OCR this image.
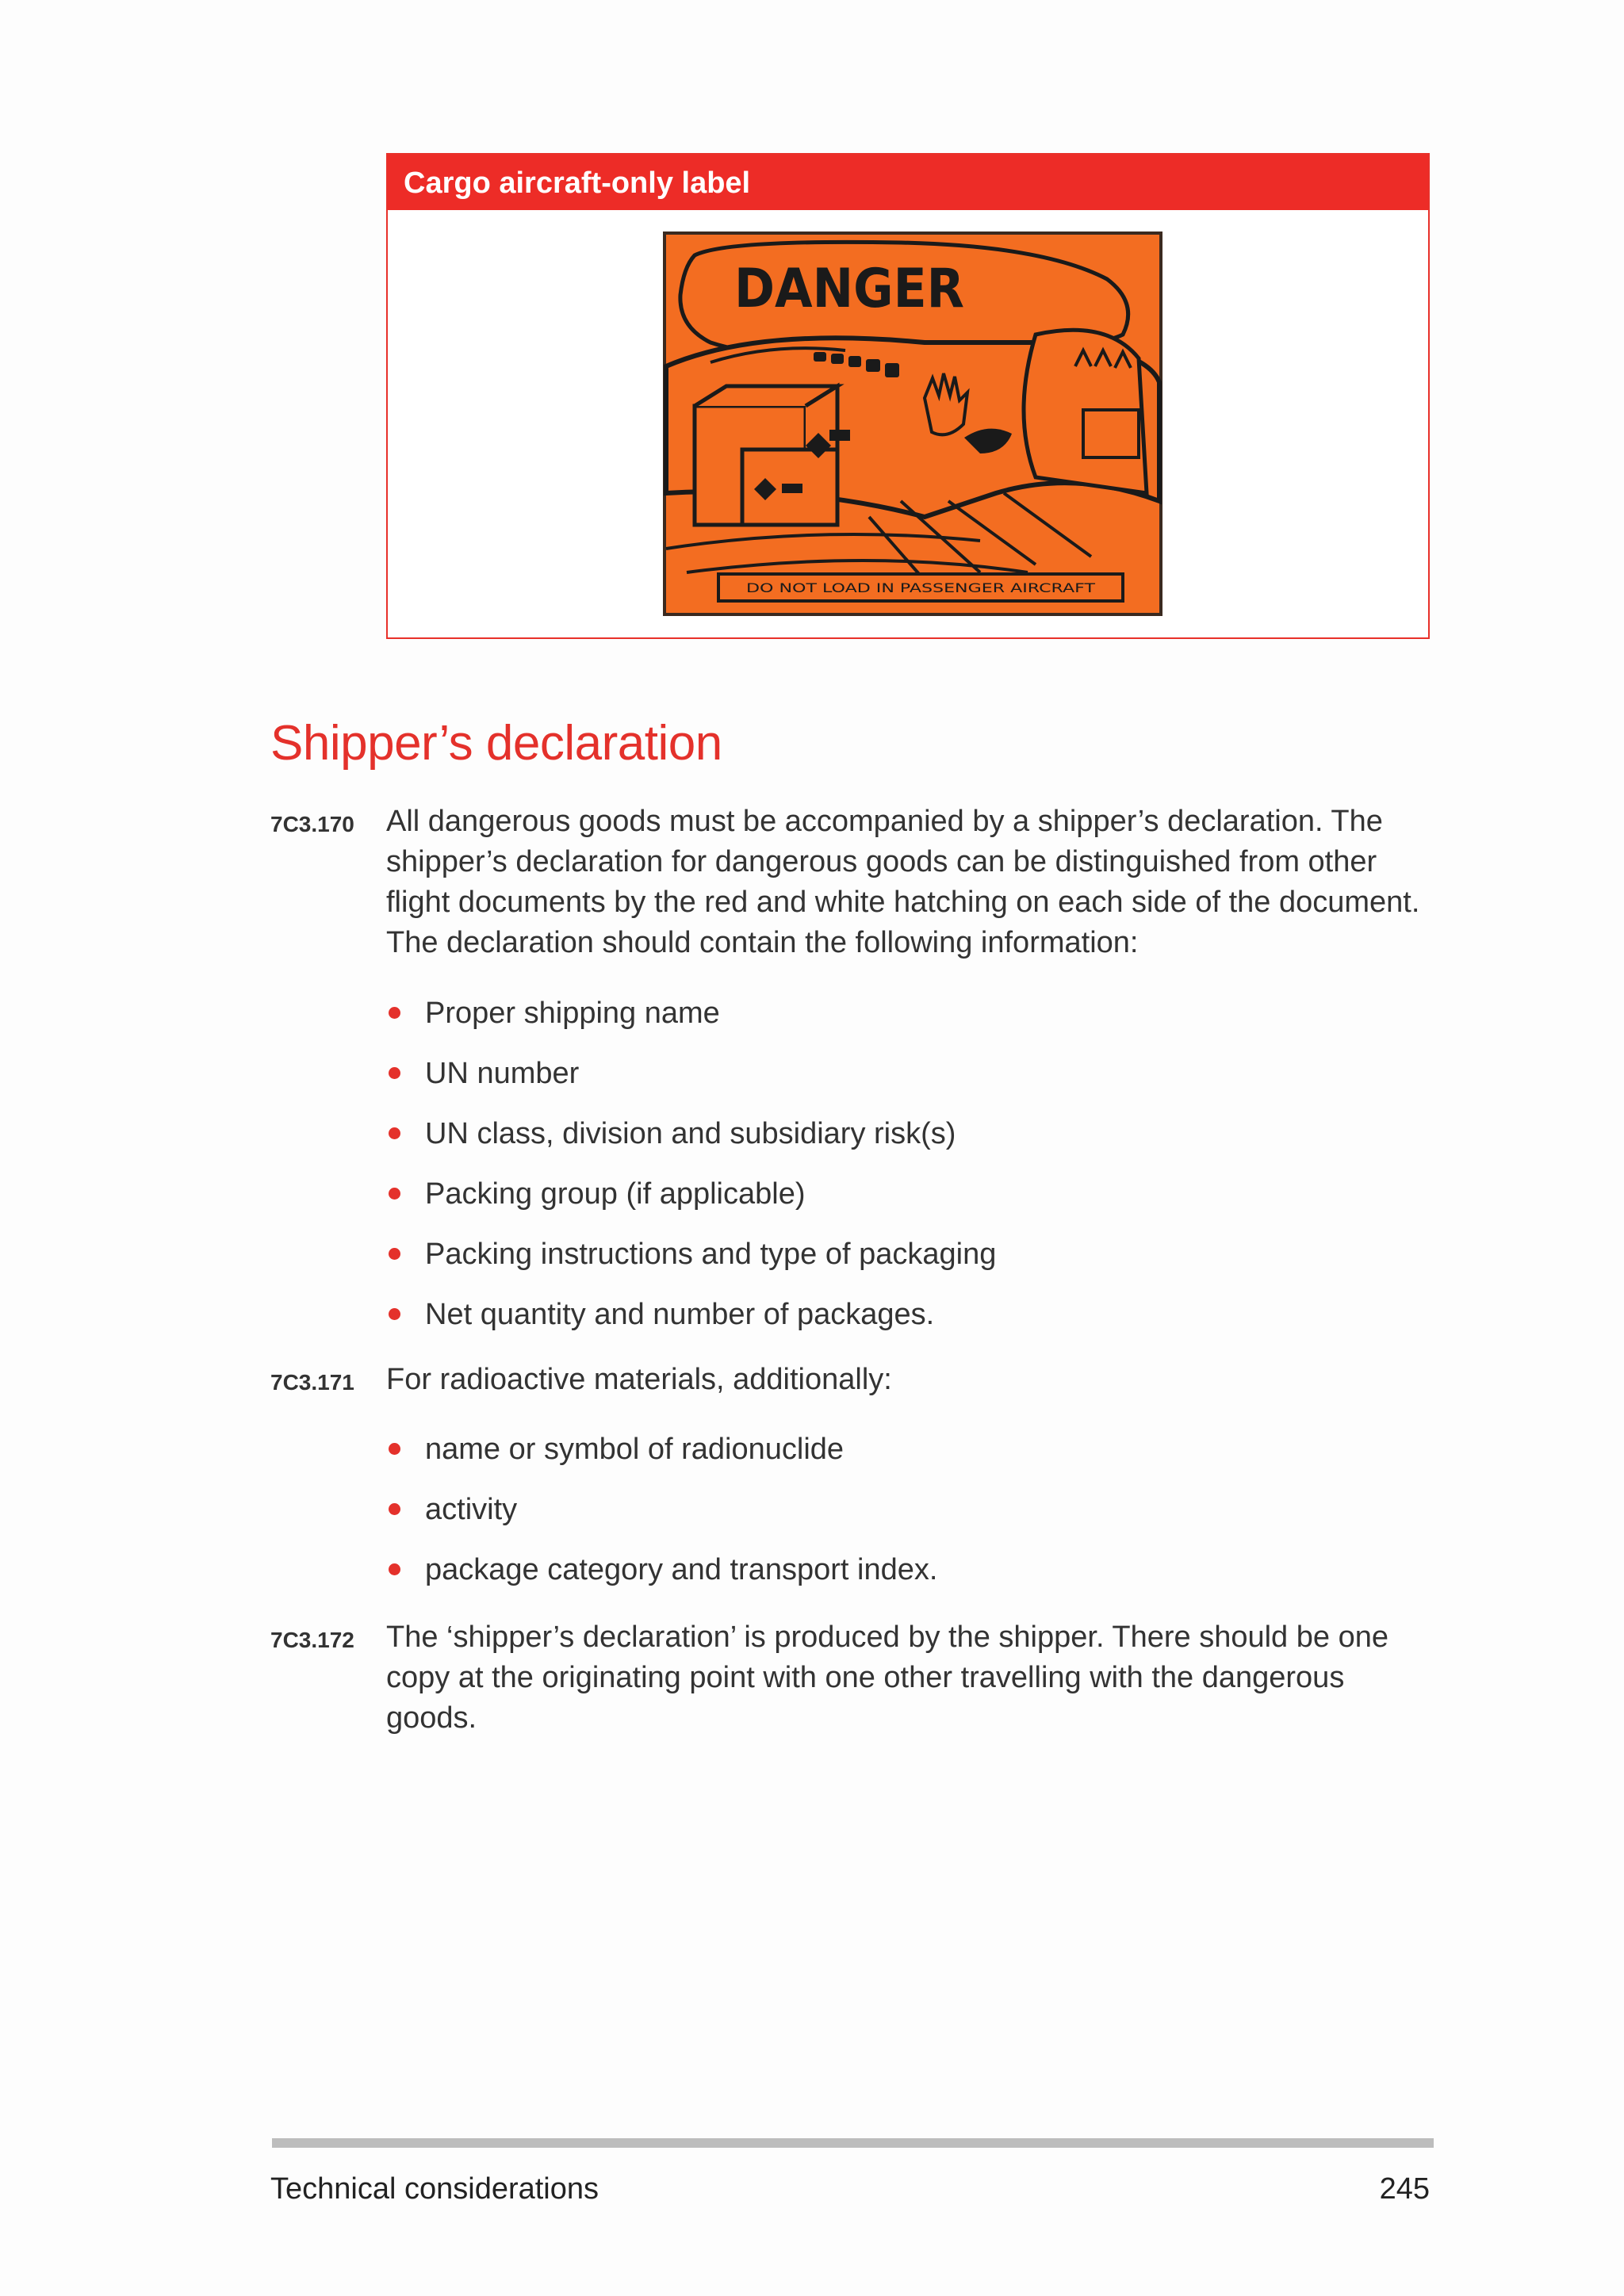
Cargo aircraft-only label
DANGER
DO NOT LOAD IN PASSENGER AIRCRAFT
Shipper’s declaration
7C3.170 All dangerous goods must be accompanied by a shipper’s declaration. The shipper’s declaration for dangerous goods can be distinguished from other flight documents by the red and white hatching on each side of the document. The declaration should contain the following information:
Proper shipping name
UN number
UN class, division and subsidiary risk(s)
Packing group (if applicable)
Packing instructions and type of packaging
Net quantity and number of packages.
7C3.171 For radioactive materials, additionally:
name or symbol of radionuclide
activity
package category and transport index.
7C3.172 The ‘shipper’s declaration’ is produced by the shipper. There should be one copy at the originating point with one other travelling with the dangerous goods.
Technical considerations	245
